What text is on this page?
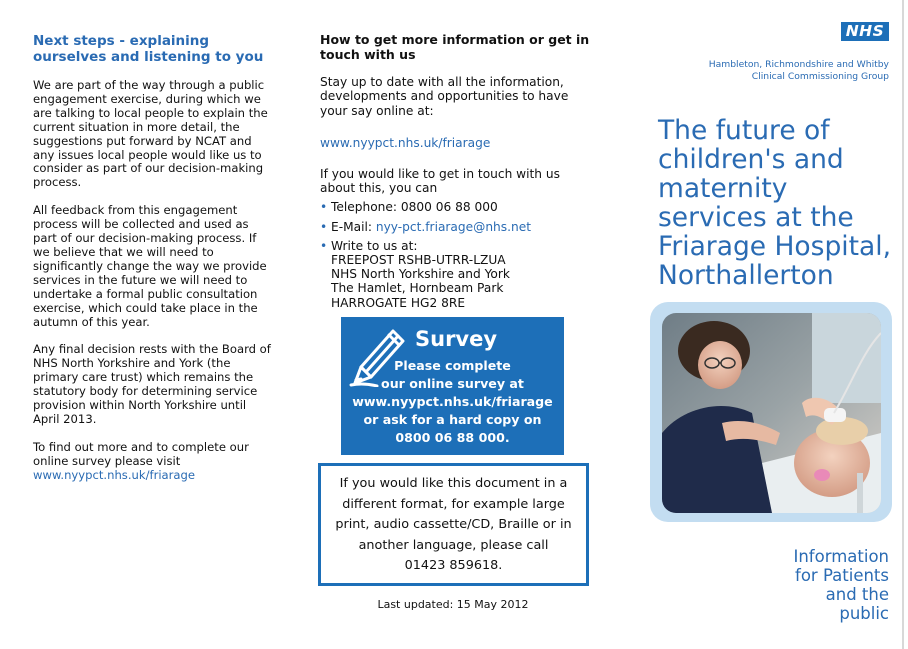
Next steps - explaining ourselves and listening to you

We are part of the way through a public engagement exercise, during which we are talking to local people to explain the current situation in more detail, the suggestions put forward by NCAT and any issues local people would like us to consider as part of our decision-making process.

All feedback from this engagement process will be collected and used as part of our decision-making process. If we believe that we will need to significantly change the way we provide services in the future we will need to undertake a formal public consultation exercise, which could take place in the autumn of this year.

Any final decision rests with the Board of NHS North Yorkshire and York (the primary care trust) which remains the statutory body for determining service provision within North Yorkshire until April 2013.

To find out more and to complete our online survey please visit
www.nyypct.nhs.uk/friarage

How to get more information or get in touch with us

Stay up to date with all the information, developments and opportunities to have your say online at:

www.nyypct.nhs.uk/friarage

If you would like to get in touch with us about this, you can

• Telephone: 0800 06 88 000
• E-Mail: nyy-pct.friarage@nhs.net
• Write to us at:
FREEPOST RSHB-UTRR-LZUA
NHS North Yorkshire and York
The Hamlet, Hornbeam Park
HARROGATE HG2 8RE
Survey
Please complete
our online survey at
www.nyypct.nhs.uk/friarage
or ask for a hard copy on
0800 06 88 000.

If you would like this document in a

different format, for example large

print, audio cassette/CD, Braille or in

another language, please call

01423 859618.

Last updated: 15 May 2012
NHS
Hambleton, Richmondshire and Whitby
Clinical Commissioning Group
The future of
children's and
maternity
services at the
Friarage Hospital,
Northallerton
Information
for Patients
and the
public
